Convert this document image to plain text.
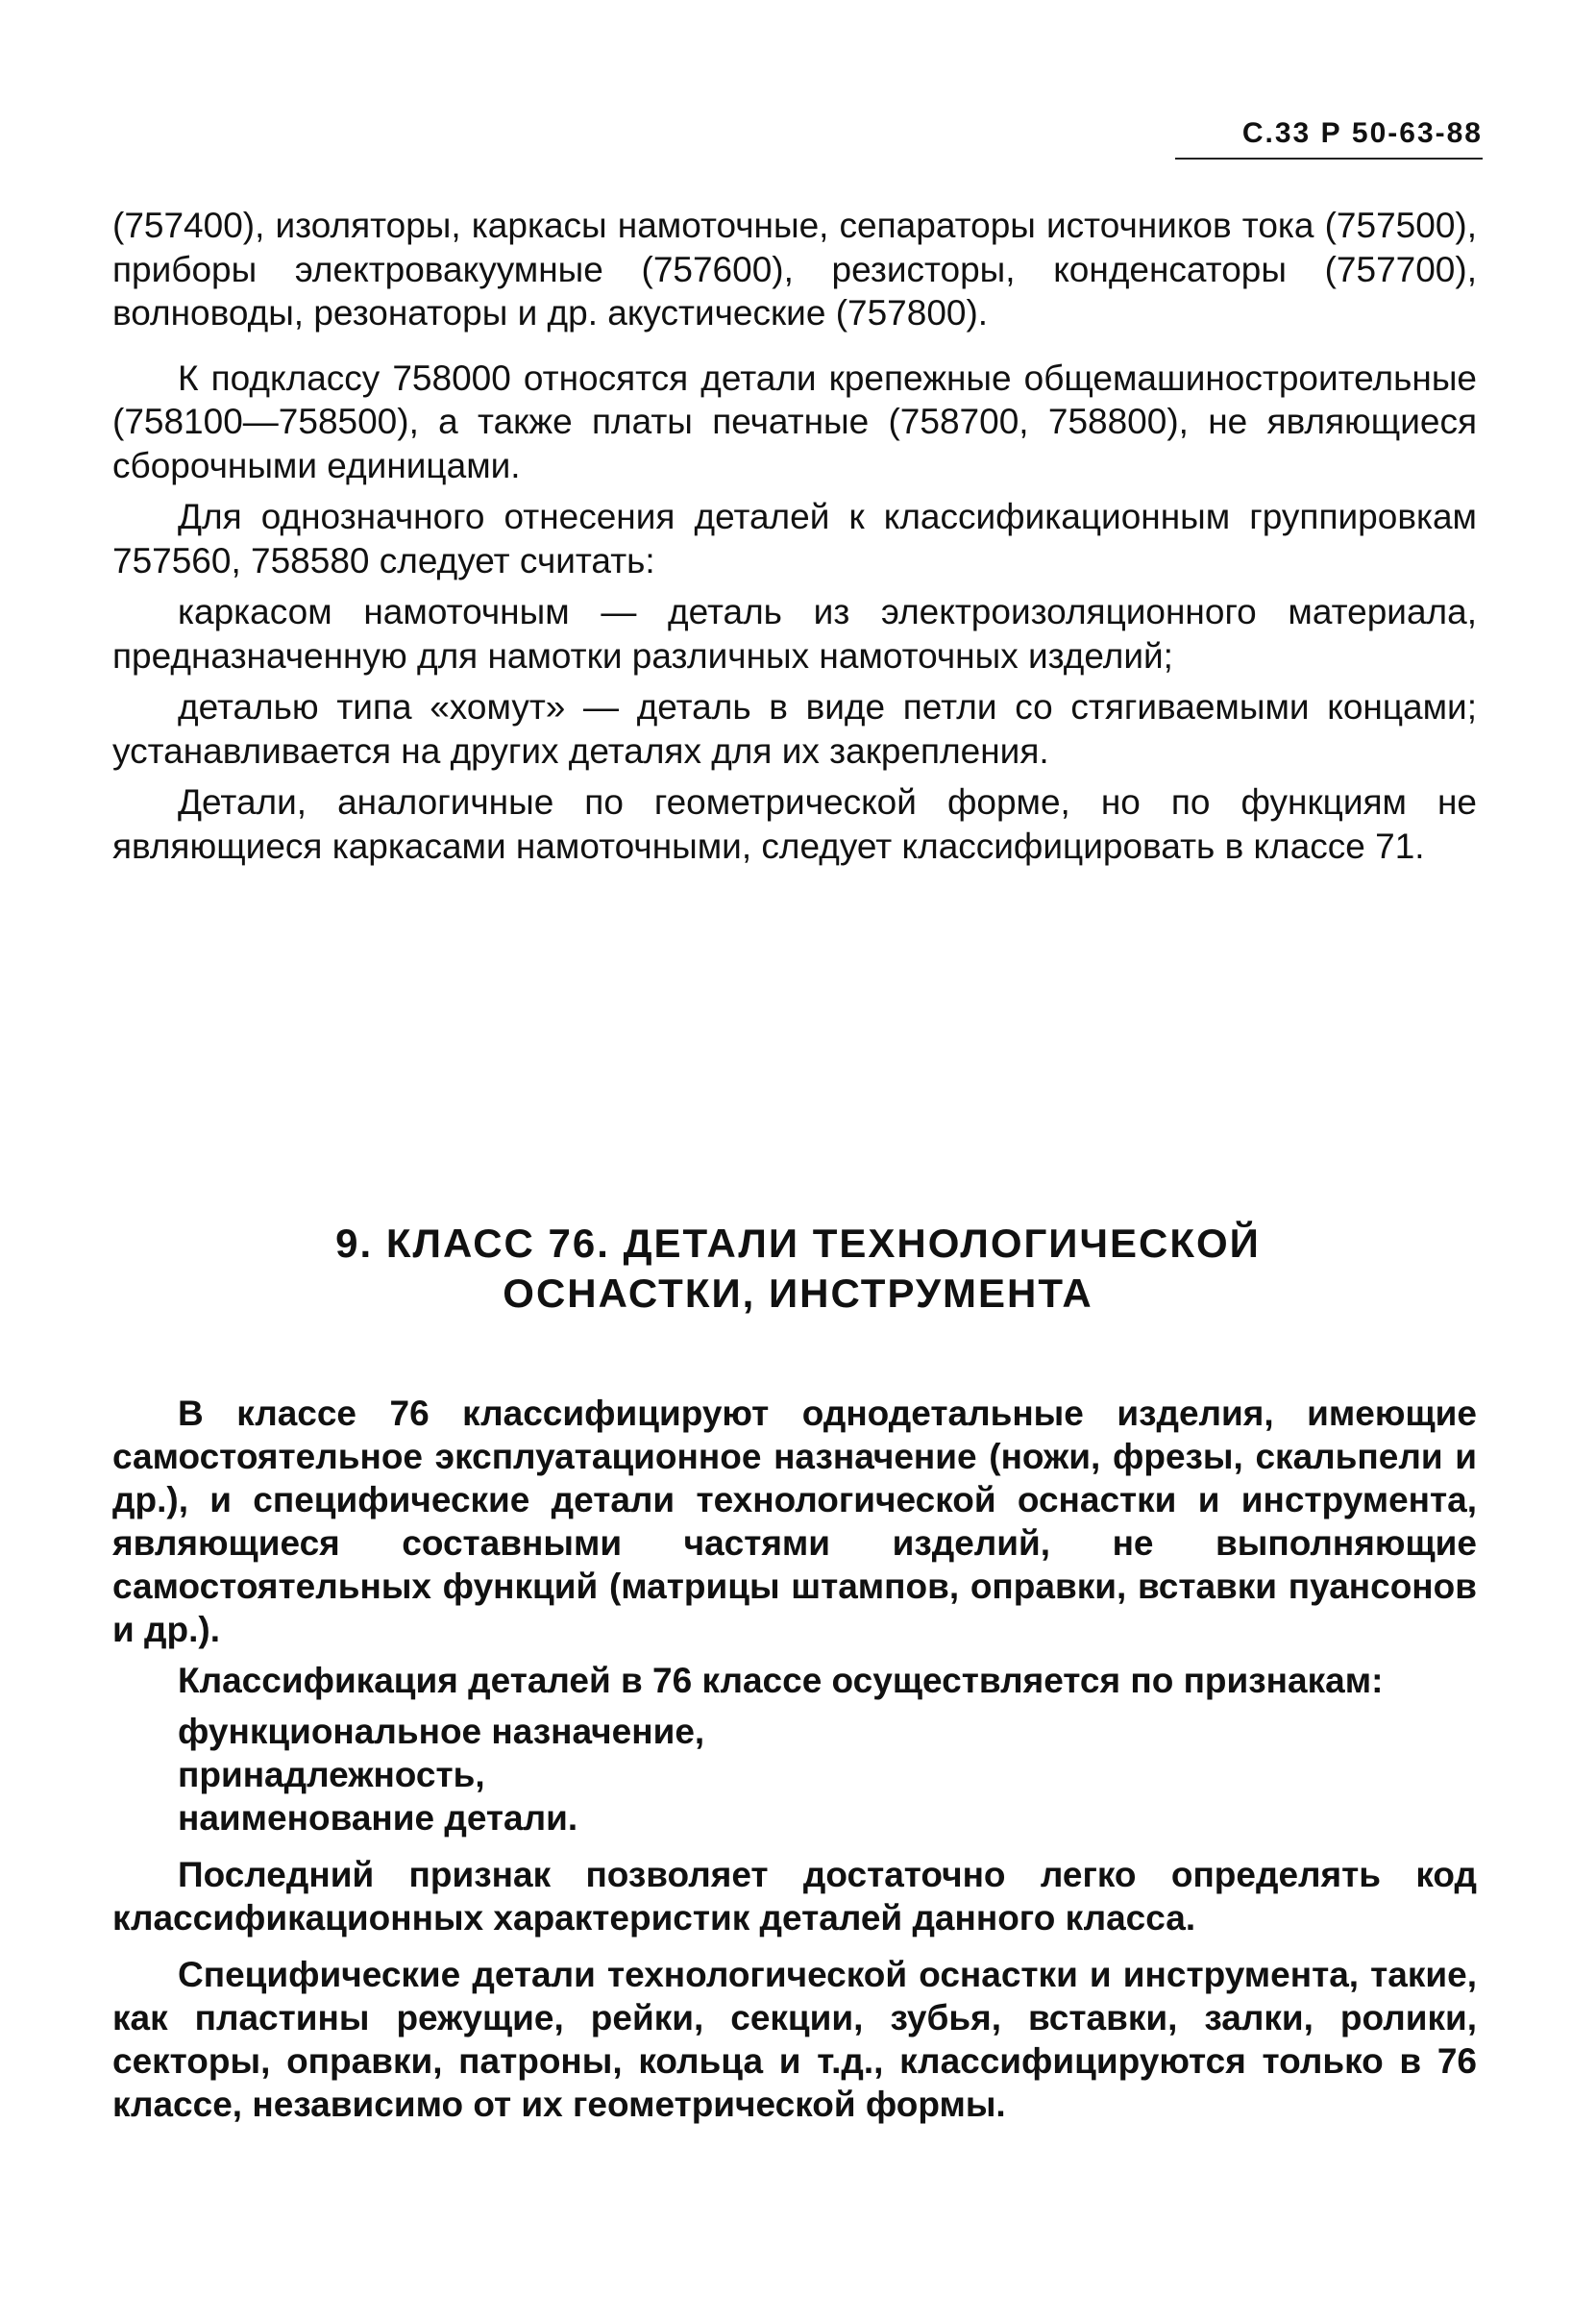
С.33 Р 50-63-88

(757400), изоляторы, каркасы намоточные, сепараторы источников тока (757500), приборы электровакуумные (757600), резисторы, конденсаторы (757700), волноводы, резонаторы и др. акустические (757800).

К подклассу 758000 относятся детали крепежные общемашиностроительные (758100—758500), а также платы печатные (758700, 758800), не являющиеся сборочными единицами.

Для однозначного отнесения деталей к классификационным группировкам 757560, 758580 следует считать:

каркасом намоточным — деталь из электроизоляционного материала, предназначенную для намотки различных намоточных изделий;

деталью типа «хомут» — деталь в виде петли со стягиваемыми концами; устанавливается на других деталях для их закрепления.

Детали, аналогичные по геометрической форме, но по функциям не являющиеся каркасами намоточными, следует классифицировать в классе 71.

9. КЛАСС 76. ДЕТАЛИ ТЕХНОЛОГИЧЕСКОЙ
ОСНАСТКИ, ИНСТРУМЕНТА

В классе 76 классифицируют однодетальные изделия, имеющие самостоятельное эксплуатационное назначение (ножи, фрезы, скальпели и др.), и специфические детали технологической оснастки и инструмента, являющиеся составными частями изделий, не выполняющие самостоятельных функций (матрицы штампов, оправки, вставки пуансонов и др.).

Классификация деталей в 76 классе осуществляется по признакам:

функциональное назначение,

принадлежность,

наименование детали.

Последний признак позволяет достаточно легко определять код классификационных характеристик деталей данного класса.

Специфические детали технологической оснастки и инструмента, такие, как пластины режущие, рейки, секции, зубья, вставки, залки, ролики, секторы, оправки, патроны, кольца и т.д., классифицируются только в 76 классе, независимо от их геометрической формы.
